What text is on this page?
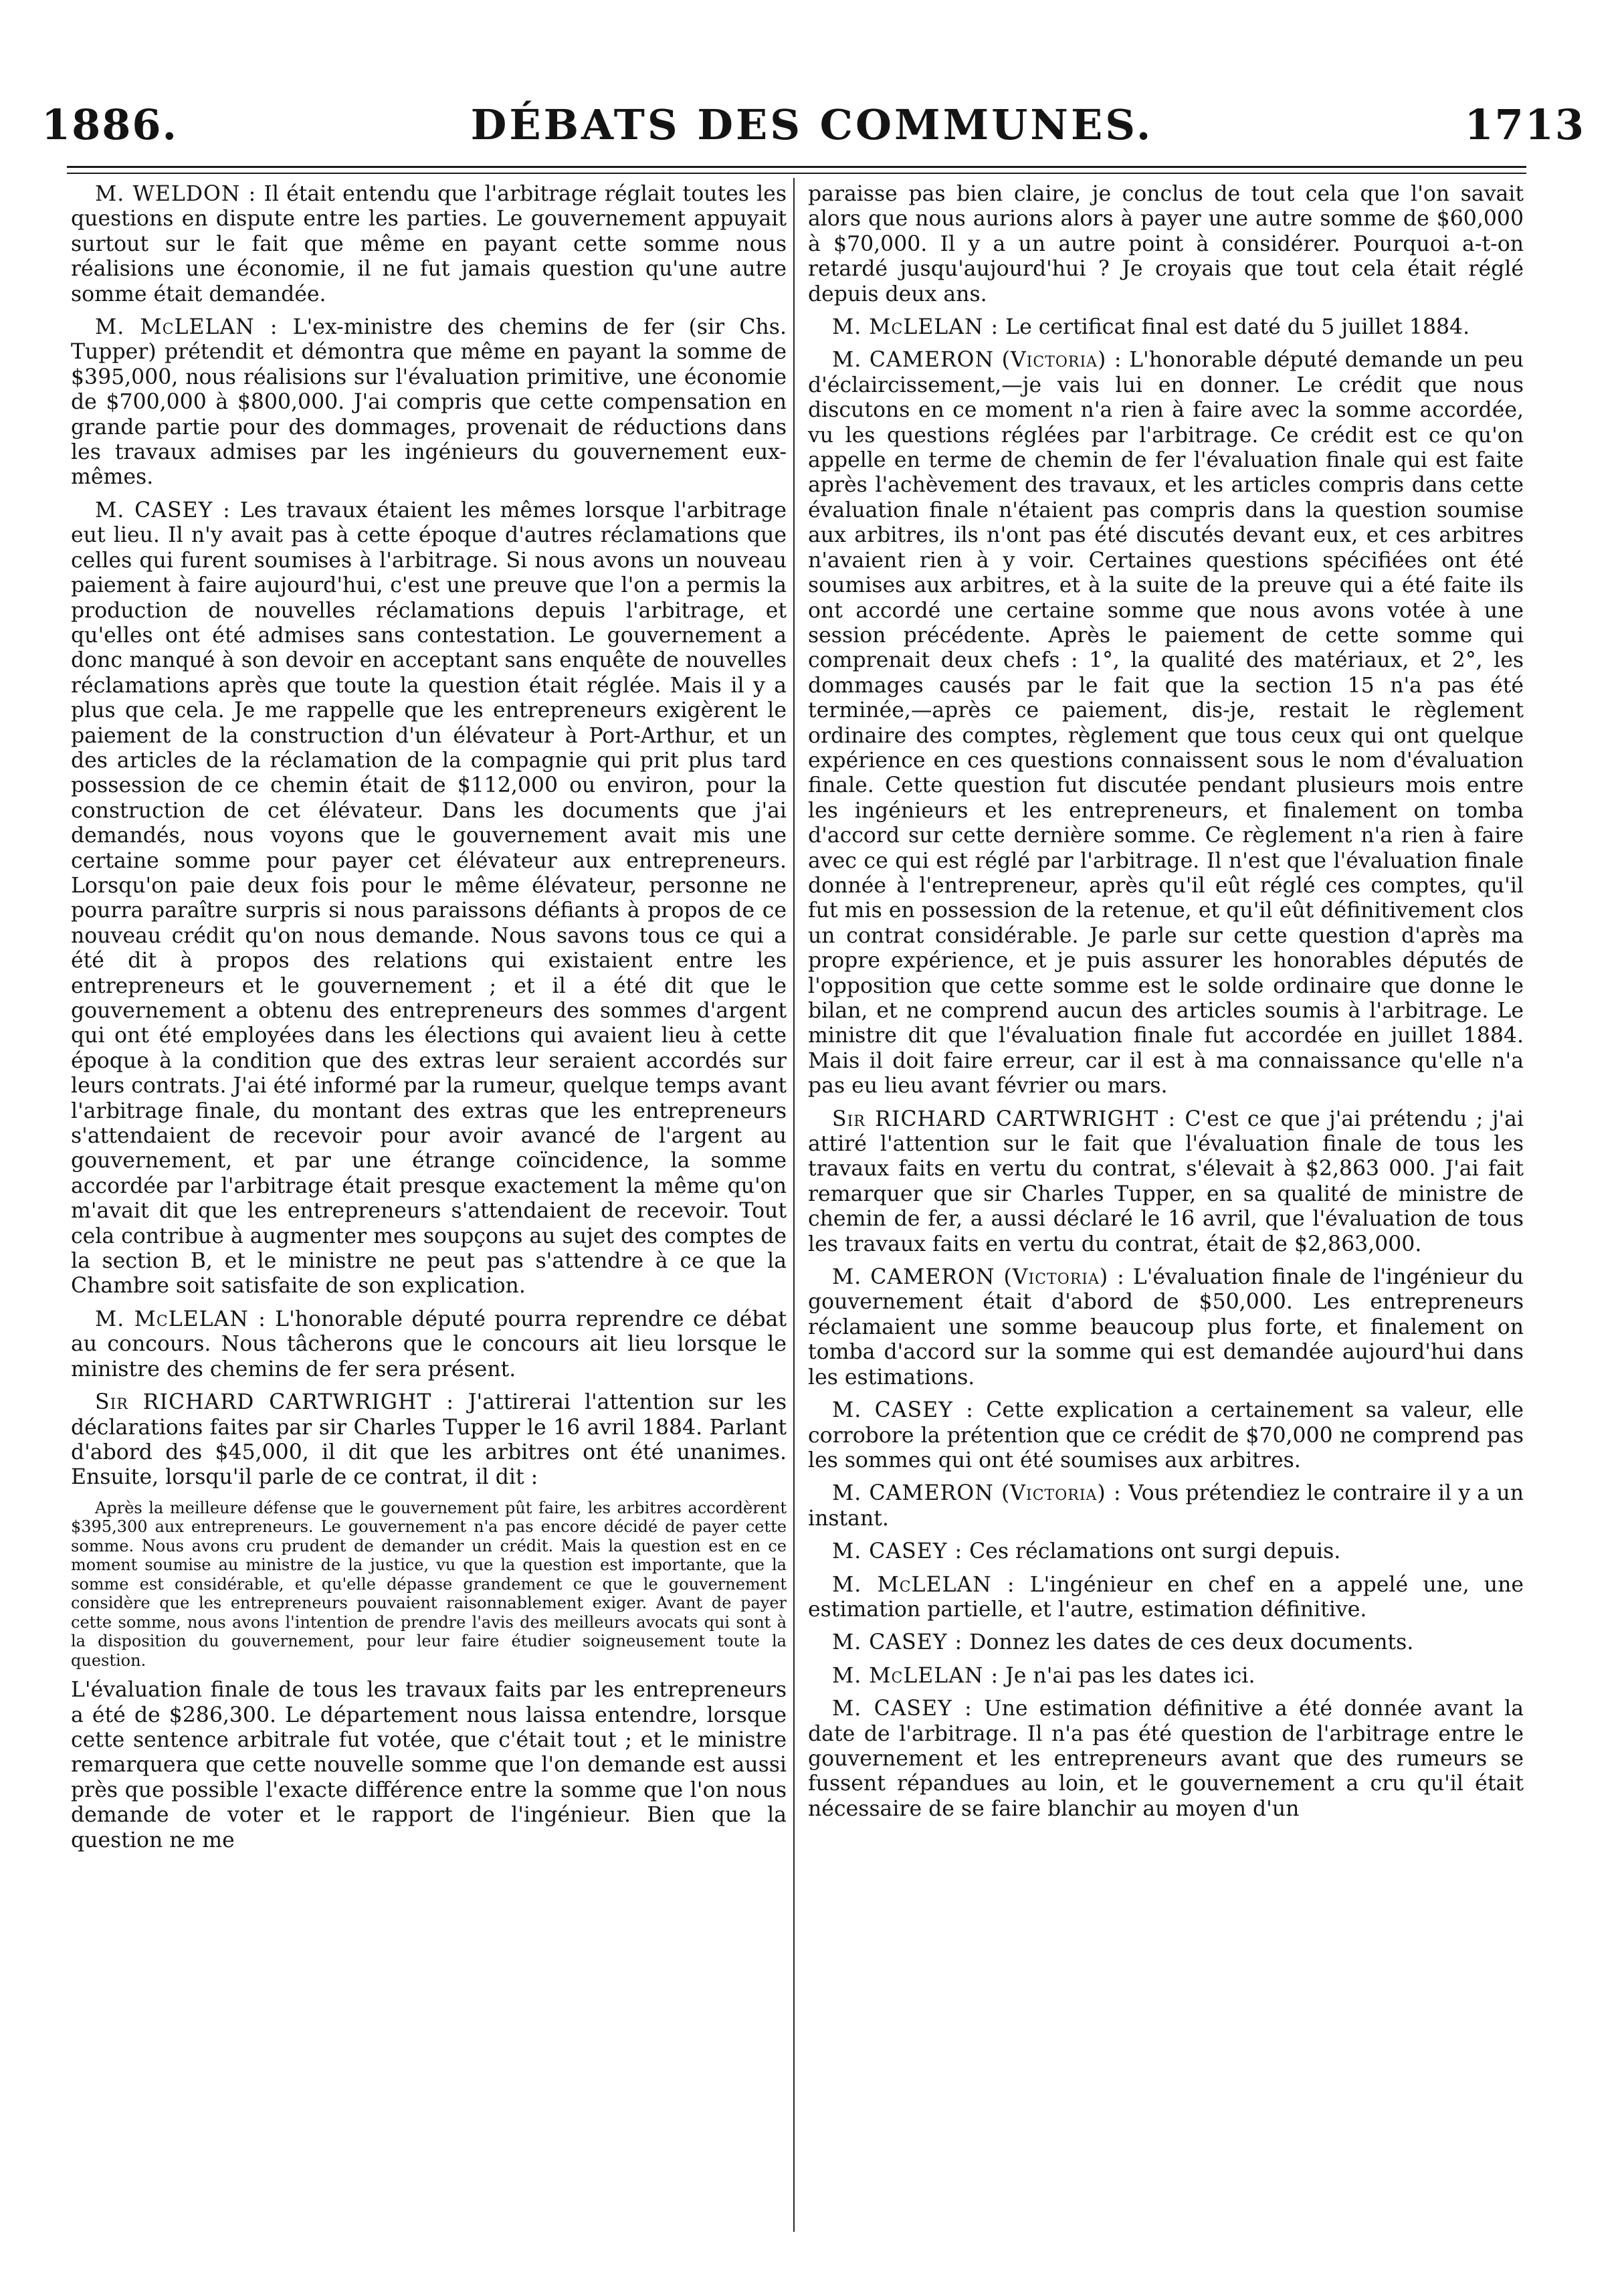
1886.	DÉBATS DES COMMUNES.	1713

M. WELDON : Il était entendu que l'arbitrage réglait toutes les questions en dispute entre les parties. Le gouvernement appuyait surtout sur le fait que même en payant cette somme nous réalisions une économie, il ne fut jamais question qu'une autre somme était demandée.

M. McLELAN : L'ex-ministre des chemins de fer (sir Chs. Tupper) prétendit et démontra que même en payant la somme de $395,000, nous réalisions sur l'évaluation primitive, une économie de $700,000 à $800,000. J'ai compris que cette compensation en grande partie pour des dommages, provenait de réductions dans les travaux admises par les ingénieurs du gouvernement eux-mêmes.

M. CASEY : Les travaux étaient les mêmes lorsque l'arbitrage eut lieu. Il n'y avait pas à cette époque d'autres réclamations que celles qui furent soumises à l'arbitrage. Si nous avons un nouveau paiement à faire aujourd'hui, c'est une preuve que l'on a permis la production de nouvelles réclamations depuis l'arbitrage, et qu'elles ont été admises sans contestation. Le gouvernement a donc manqué à son devoir en acceptant sans enquête de nouvelles réclamations après que toute la question était réglée. Mais il y a plus que cela. Je me rappelle que les entrepreneurs exigèrent le paiement de la construction d'un élévateur à Port-Arthur, et un des articles de la réclamation de la compagnie qui prit plus tard possession de ce chemin était de $112,000 ou environ, pour la construction de cet élévateur. Dans les documents que j'ai demandés, nous voyons que le gouvernement avait mis une certaine somme pour payer cet élévateur aux entrepreneurs. Lorsqu'on paie deux fois pour le même élévateur, personne ne pourra paraître surpris si nous paraissons défiants à propos de ce nouveau crédit qu'on nous demande. Nous savons tous ce qui a été dit à propos des relations qui existaient entre les entrepreneurs et le gouvernement ; et il a été dit que le gouvernement a obtenu des entrepreneurs des sommes d'argent qui ont été employées dans les élections qui avaient lieu à cette époque à la condition que des extras leur seraient accordés sur leurs contrats. J'ai été informé par la rumeur, quelque temps avant l'arbitrage finale, du montant des extras que les entrepreneurs s'attendaient de recevoir pour avoir avancé de l'argent au gouvernement, et par une étrange coïncidence, la somme accordée par l'arbitrage était presque exactement la même qu'on m'avait dit que les entrepreneurs s'attendaient de recevoir. Tout cela contribue à augmenter mes soupçons au sujet des comptes de la section B, et le ministre ne peut pas s'attendre à ce que la Chambre soit satisfaite de son explication.

M. McLELAN : L'honorable député pourra reprendre ce débat au concours. Nous tâcherons que le concours ait lieu lorsque le ministre des chemins de fer sera présent.

Sir RICHARD CARTWRIGHT : J'attirerai l'attention sur les déclarations faites par sir Charles Tupper le 16 avril 1884. Parlant d'abord des $45,000, il dit que les arbitres ont été unanimes. Ensuite, lorsqu'il parle de ce contrat, il dit :

Après la meilleure défense que le gouvernement pût faire, les arbitres accordèrent $395,300 aux entrepreneurs. Le gouvernement n'a pas encore décidé de payer cette somme. Nous avons cru prudent de demander un crédit. Mais la question est en ce moment soumise au ministre de la justice, vu que la question est importante, que la somme est considérable, et qu'elle dépasse grandement ce que le gouvernement considère que les entrepreneurs pouvaient raisonnablement exiger. Avant de payer cette somme, nous avons l'intention de prendre l'avis des meilleurs avocats qui sont à la disposition du gouvernement, pour leur faire étudier soigneusement toute la question.

L'évaluation finale de tous les travaux faits par les entrepreneurs a été de $286,300. Le département nous laissa entendre, lorsque cette sentence arbitrale fut votée, que c'était tout ; et le ministre remarquera que cette nouvelle somme que l'on demande est aussi près que possible l'exacte différence entre la somme que l'on nous demande de voter et le rapport de l'ingénieur. Bien que la question ne me

paraisse pas bien claire, je conclus de tout cela que l'on savait alors que nous aurions alors à payer une autre somme de $60,000 à $70,000. Il y a un autre point à considérer. Pourquoi a-t-on retardé jusqu'aujourd'hui ? Je croyais que tout cela était réglé depuis deux ans.

M. McLELAN : Le certificat final est daté du 5 juillet 1884.

M. CAMERON (Victoria) : L'honorable député demande un peu d'éclaircissement,—je vais lui en donner. Le crédit que nous discutons en ce moment n'a rien à faire avec la somme accordée, vu les questions réglées par l'arbitrage. Ce crédit est ce qu'on appelle en terme de chemin de fer l'évaluation finale qui est faite après l'achèvement des travaux, et les articles compris dans cette évaluation finale n'étaient pas compris dans la question soumise aux arbitres, ils n'ont pas été discutés devant eux, et ces arbitres n'avaient rien à y voir. Certaines questions spécifiées ont été soumises aux arbitres, et à la suite de la preuve qui a été faite ils ont accordé une certaine somme que nous avons votée à une session précédente. Après le paiement de cette somme qui comprenait deux chefs : 1°, la qualité des matériaux, et 2°, les dommages causés par le fait que la section 15 n'a pas été terminée,—après ce paiement, dis-je, restait le règlement ordinaire des comptes, règlement que tous ceux qui ont quelque expérience en ces questions connaissent sous le nom d'évaluation finale. Cette question fut discutée pendant plusieurs mois entre les ingénieurs et les entrepreneurs, et finalement on tomba d'accord sur cette dernière somme. Ce règlement n'a rien à faire avec ce qui est réglé par l'arbitrage. Il n'est que l'évaluation finale donnée à l'entrepreneur, après qu'il eût réglé ces comptes, qu'il fut mis en possession de la retenue, et qu'il eût définitivement clos un contrat considérable. Je parle sur cette question d'après ma propre expérience, et je puis assurer les honorables députés de l'opposition que cette somme est le solde ordinaire que donne le bilan, et ne comprend aucun des articles soumis à l'arbitrage. Le ministre dit que l'évaluation finale fut accordée en juillet 1884. Mais il doit faire erreur, car il est à ma connaissance qu'elle n'a pas eu lieu avant février ou mars.

Sir RICHARD CARTWRIGHT : C'est ce que j'ai prétendu ; j'ai attiré l'attention sur le fait que l'évaluation finale de tous les travaux faits en vertu du contrat, s'élevait à $2,863 000. J'ai fait remarquer que sir Charles Tupper, en sa qualité de ministre de chemin de fer, a aussi déclaré le 16 avril, que l'évaluation de tous les travaux faits en vertu du contrat, était de $2,863,000.

M. CAMERON (Victoria) : L'évaluation finale de l'ingénieur du gouvernement était d'abord de $50,000. Les entrepreneurs réclamaient une somme beaucoup plus forte, et finalement on tomba d'accord sur la somme qui est demandée aujourd'hui dans les estimations.

M. CASEY : Cette explication a certainement sa valeur, elle corrobore la prétention que ce crédit de $70,000 ne comprend pas les sommes qui ont été soumises aux arbitres.

M. CAMERON (Victoria) : Vous prétendiez le contraire il y a un instant.

M. CASEY : Ces réclamations ont surgi depuis.

M. McLELAN : L'ingénieur en chef en a appelé une, une estimation partielle, et l'autre, estimation définitive.

M. CASEY : Donnez les dates de ces deux documents.

M. McLELAN : Je n'ai pas les dates ici.

M. CASEY : Une estimation définitive a été donnée avant la date de l'arbitrage. Il n'a pas été question de l'arbitrage entre le gouvernement et les entrepreneurs avant que des rumeurs se fussent répandues au loin, et le gouvernement a cru qu'il était nécessaire de se faire blanchir au moyen d'un
